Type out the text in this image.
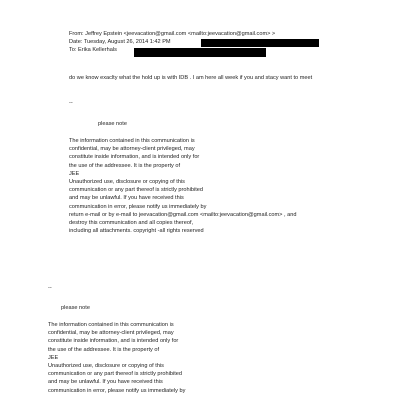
From: Jeffrey Epstein <jeevacation@gmail.com <mailto:jeevacation@gmail.com> >
Date: Tuesday, August 26, 2014 1:42 PM
To: Erika Kellerhals
do we know exaclty what the hold up is with IDB . I am here all week if you and stacy want to meet
--
please note
The information contained in this communication is
confidential, may be attorney-client privileged, may
constitute inside information, and is intended only for
the use of the addressee. It is the property of
JEE
Unauthorized use, disclosure or copying of this
communication or any part thereof is strictly prohibited
and may be unlawful. If you have received this
communication in error, please notify us immediately by
return e-mail or by e-mail to jeevacation@gmail.com <mailto:jeevacation@gmail.com> , and
destroy this communication and all copies thereof,
including all attachments. copyright -all rights reserved
--
please note
The information contained in this communication is
confidential, may be attorney-client privileged, may
constitute inside information, and is intended only for
the use of the addressee. It is the property of
JEE
Unauthorized use, disclosure or copying of this
communication or any part thereof is strictly prohibited
and may be unlawful. If you have received this
communication in error, please notify us immediately by
